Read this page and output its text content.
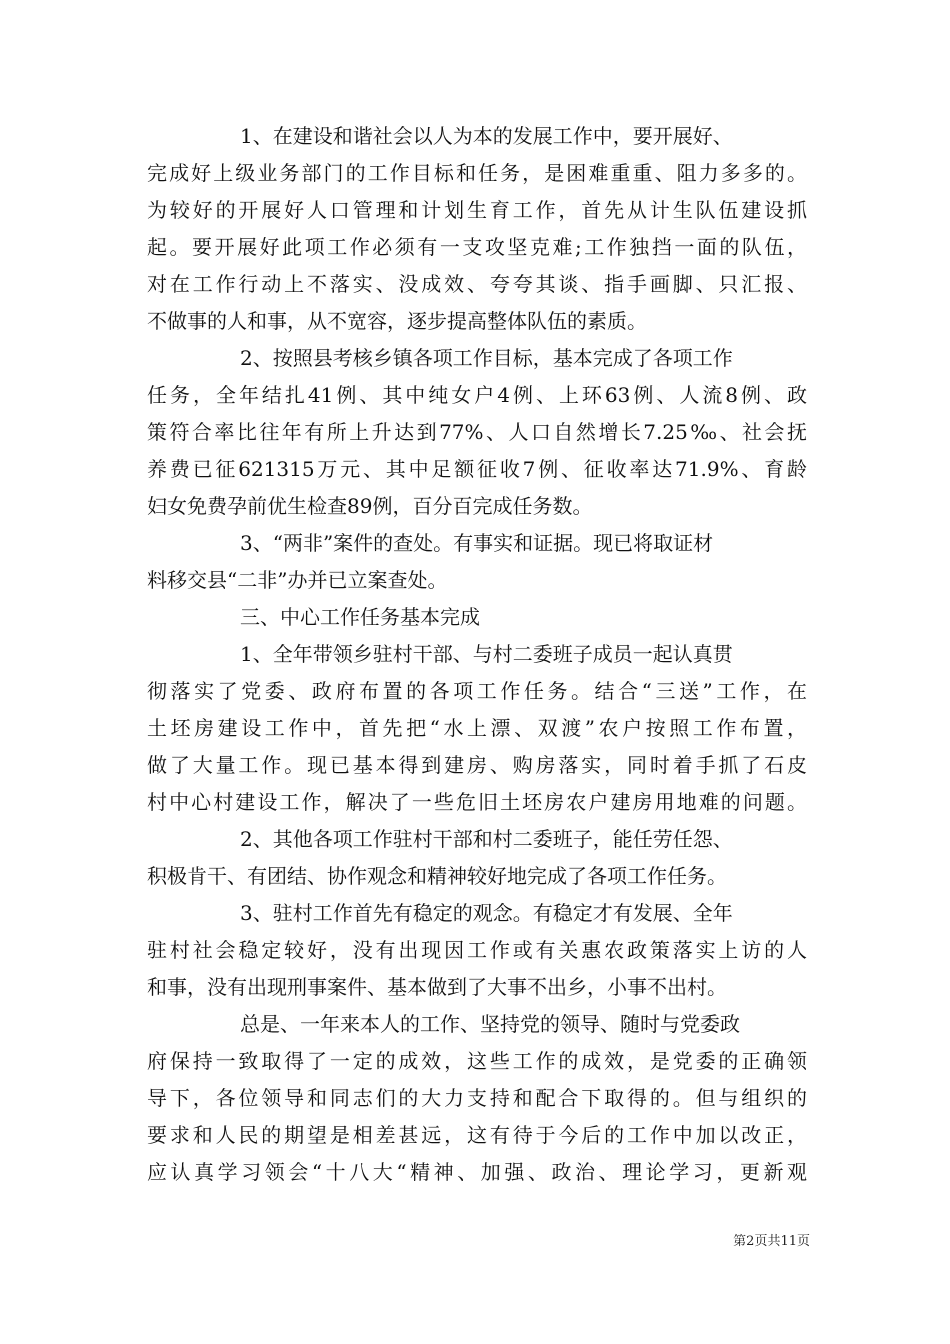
1、在建设和谐社会以人为本的发展工作中，要开展好、
完成好上级业务部门的工作目标和任务，是困难重重、阻力多多的。
为较好的开展好人口管理和计划生育工作，首先从计生队伍建设抓
起。要开展好此项工作必须有一支攻坚克难;工作独挡一面的队伍，
对在工作行动上不落实、没成效、夸夸其谈、指手画脚、只汇报、
不做事的人和事，从不宽容，逐步提高整体队伍的素质。
2、按照县考核乡镇各项工作目标，基本完成了各项工作
任务，全年结扎41例、其中纯女户4例、上环63例、人流8例、政
策符合率比往年有所上升达到77%、人口自然增长7.25‰、社会抚
养费已征621315万元、其中足额征收7例、征收率达71.9%、育龄
妇女免费孕前优生检查89例，百分百完成任务数。
3、“两非”案件的查处。有事实和证据。现已将取证材
料移交县“二非”办并已立案查处。
三、中心工作任务基本完成
1、全年带领乡驻村干部、与村二委班子成员一起认真贯
彻落实了党委、政府布置的各项工作任务。结合“三送”工作，在
土坯房建设工作中，首先把“水上漂、双渡”农户按照工作布置，
做了大量工作。现已基本得到建房、购房落实，同时着手抓了石皮
村中心村建设工作，解决了一些危旧土坯房农户建房用地难的问题。
2、其他各项工作驻村干部和村二委班子，能任劳任怨、
积极肯干、有团结、协作观念和精神较好地完成了各项工作任务。
3、驻村工作首先有稳定的观念。有稳定才有发展、全年
驻村社会稳定较好，没有出现因工作或有关惠农政策落实上访的人
和事，没有出现刑事案件、基本做到了大事不出乡，小事不出村。
总是、一年来本人的工作、坚持党的领导、随时与党委政
府保持一致取得了一定的成效，这些工作的成效，是党委的正确领
导下，各位领导和同志们的大力支持和配合下取得的。但与组织的
要求和人民的期望是相差甚远，这有待于今后的工作中加以改正，
应认真学习领会“十八大“精神、加强、政治、理论学习，更新观
第2页共11页
